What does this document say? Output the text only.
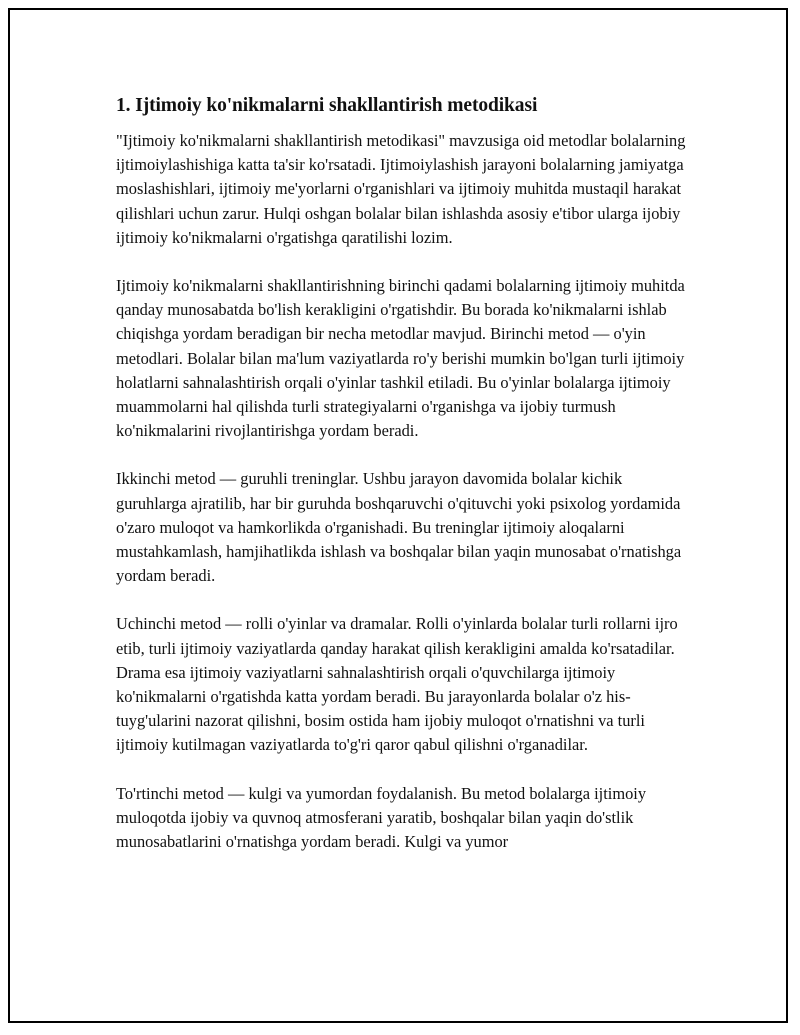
1. Ijtimoiy ko'nikmalarni shakllantirish metodikasi

"Ijtimoiy ko'nikmalarni shakllantirish metodikasi" mavzusiga oid metodlar bolalarning ijtimoiylashishiga katta ta'sir ko'rsatadi. Ijtimoiylashish jarayoni bolalarning jamiyatga moslashishlari, ijtimoiy me'yorlarni o'rganishlari va ijtimoiy muhitda mustaqil harakat qilishlari uchun zarur. Hulqi oshgan bolalar bilan ishlashda asosiy e'tibor ularga ijobiy ijtimoiy ko'nikmalarni o'rgatishga qaratilishi lozim.

Ijtimoiy ko'nikmalarni shakllantirishning birinchi qadami bolalarning ijtimoiy muhitda qanday munosabatda bo'lish kerakligini o'rgatishdir. Bu borada ko'nikmalarni ishlab chiqishga yordam beradigan bir necha metodlar mavjud. Birinchi metod — o'yin metodlari. Bolalar bilan ma'lum vaziyatlarda ro'y berishi mumkin bo'lgan turli ijtimoiy holatlarni sahnalashtirish orqali o'yinlar tashkil etiladi. Bu o'yinlar bolalarga ijtimoiy muammolarni hal qilishda turli strategiyalarni o'rganishga va ijobiy turmush ko'nikmalarini rivojlantirishga yordam beradi.

Ikkinchi metod — guruhli treninglar. Ushbu jarayon davomida bolalar kichik guruhlarga ajratilib, har bir guruhda boshqaruvchi o'qituvchi yoki psixolog yordamida o'zaro muloqot va hamkorlikda o'rganishadi. Bu treninglar ijtimoiy aloqalarni mustahkamlash, hamjihatlikda ishlash va boshqalar bilan yaqin munosabat o'rnatishga yordam beradi.

Uchinchi metod — rolli o'yinlar va dramalar. Rolli o'yinlarda bolalar turli rollarni ijro etib, turli ijtimoiy vaziyatlarda qanday harakat qilish kerakligini amalda ko'rsatadilar. Drama esa ijtimoiy vaziyatlarni sahnalashtirish orqali o'quvchilarga ijtimoiy ko'nikmalarni o'rgatishda katta yordam beradi. Bu jarayonlarda bolalar o'z his-tuyg'ularini nazorat qilishni, bosim ostida ham ijobiy muloqot o'rnatishni va turli ijtimoiy kutilmagan vaziyatlarda to'g'ri qaror qabul qilishni o'rganadilar.

To'rtinchi metod — kulgi va yumordan foydalanish. Bu metod bolalarga ijtimoiy muloqotda ijobiy va quvnoq atmosferani yaratib, boshqalar bilan yaqin do'stlik munosabatlarini o'rnatishga yordam beradi. Kulgi va yumor
